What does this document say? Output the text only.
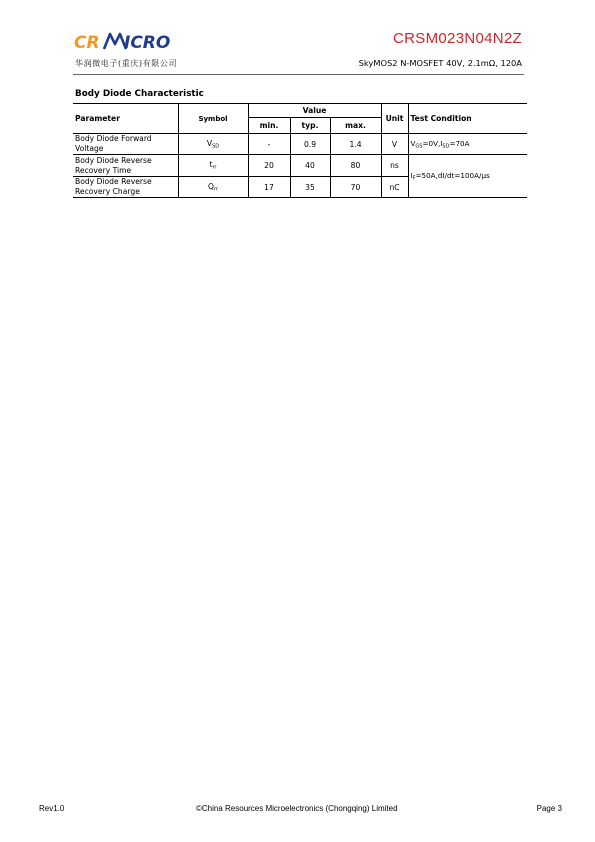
CR ICRO
华润微电子(重庆)有限公司
CRSM023N04N2Z
SkyMOS2 N-MOSFET 40V, 2.1mΩ, 120A
Body Diode Characteristic
Parameter	Symbol	Value			Unit	Test Condition
		min.	typ.	max.		

Body Diode Forward
Voltage	$V_{SD}$	-	0.9	1.4	V	$V_{GS}=0V,I_{SD}=70A$

Body Diode Reverse
Recovery Time	$t_{rr}$	20	40	80	ns	$I_F=50A,dI/dt=100A/\mu s$

Body Diode Reverse
Recovery Charge	$Q_{rr}$	17	35	70	nC	
Rev1.0	©China Resources Microelectronics (Chongqing) Limited	Page 3
